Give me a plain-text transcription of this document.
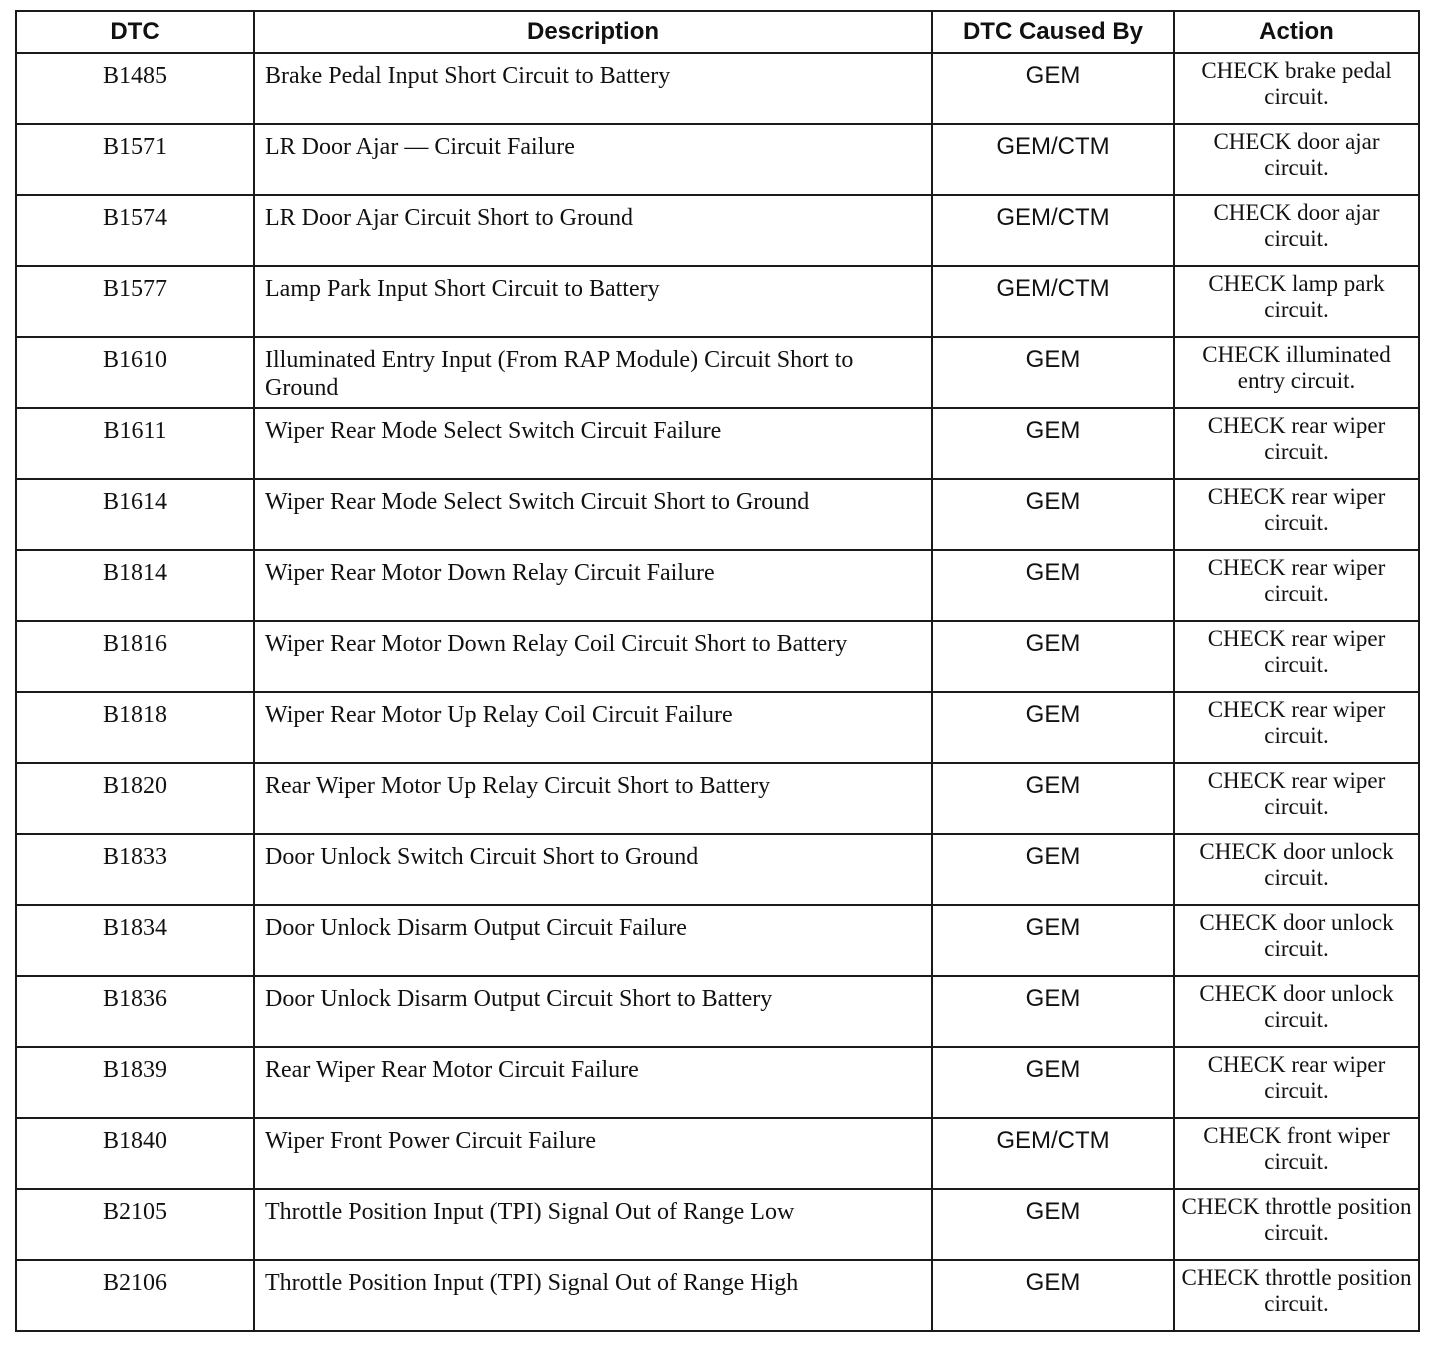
DTC	Description	DTC Caused By	Action
B1485	Brake Pedal Input Short Circuit to Battery	GEM	CHECK brake pedal circuit.
B1571	LR Door Ajar — Circuit Failure	GEM/CTM	CHECK door ajar circuit.
B1574	LR Door Ajar Circuit Short to Ground	GEM/CTM	CHECK door ajar circuit.
B1577	Lamp Park Input Short Circuit to Battery	GEM/CTM	CHECK lamp park circuit.
B1610	Illuminated Entry Input (From RAP Module) Circuit Short to Ground	GEM	CHECK illuminated entry circuit.
B1611	Wiper Rear Mode Select Switch Circuit Failure	GEM	CHECK rear wiper circuit.
B1614	Wiper Rear Mode Select Switch Circuit Short to Ground	GEM	CHECK rear wiper circuit.
B1814	Wiper Rear Motor Down Relay Circuit Failure	GEM	CHECK rear wiper circuit.
B1816	Wiper Rear Motor Down Relay Coil Circuit Short to Battery	GEM	CHECK rear wiper circuit.
B1818	Wiper Rear Motor Up Relay Coil Circuit Failure	GEM	CHECK rear wiper circuit.
B1820	Rear Wiper Motor Up Relay Circuit Short to Battery	GEM	CHECK rear wiper circuit.
B1833	Door Unlock Switch Circuit Short to Ground	GEM	CHECK door unlock circuit.
B1834	Door Unlock Disarm Output Circuit Failure	GEM	CHECK door unlock circuit.
B1836	Door Unlock Disarm Output Circuit Short to Battery	GEM	CHECK door unlock circuit.
B1839	Rear Wiper Rear Motor Circuit Failure	GEM	CHECK rear wiper circuit.
B1840	Wiper Front Power Circuit Failure	GEM/CTM	CHECK front wiper circuit.
B2105	Throttle Position Input (TPI) Signal Out of Range Low	GEM	CHECK throttle position circuit.
B2106	Throttle Position Input (TPI) Signal Out of Range High	GEM	CHECK throttle position circuit.
